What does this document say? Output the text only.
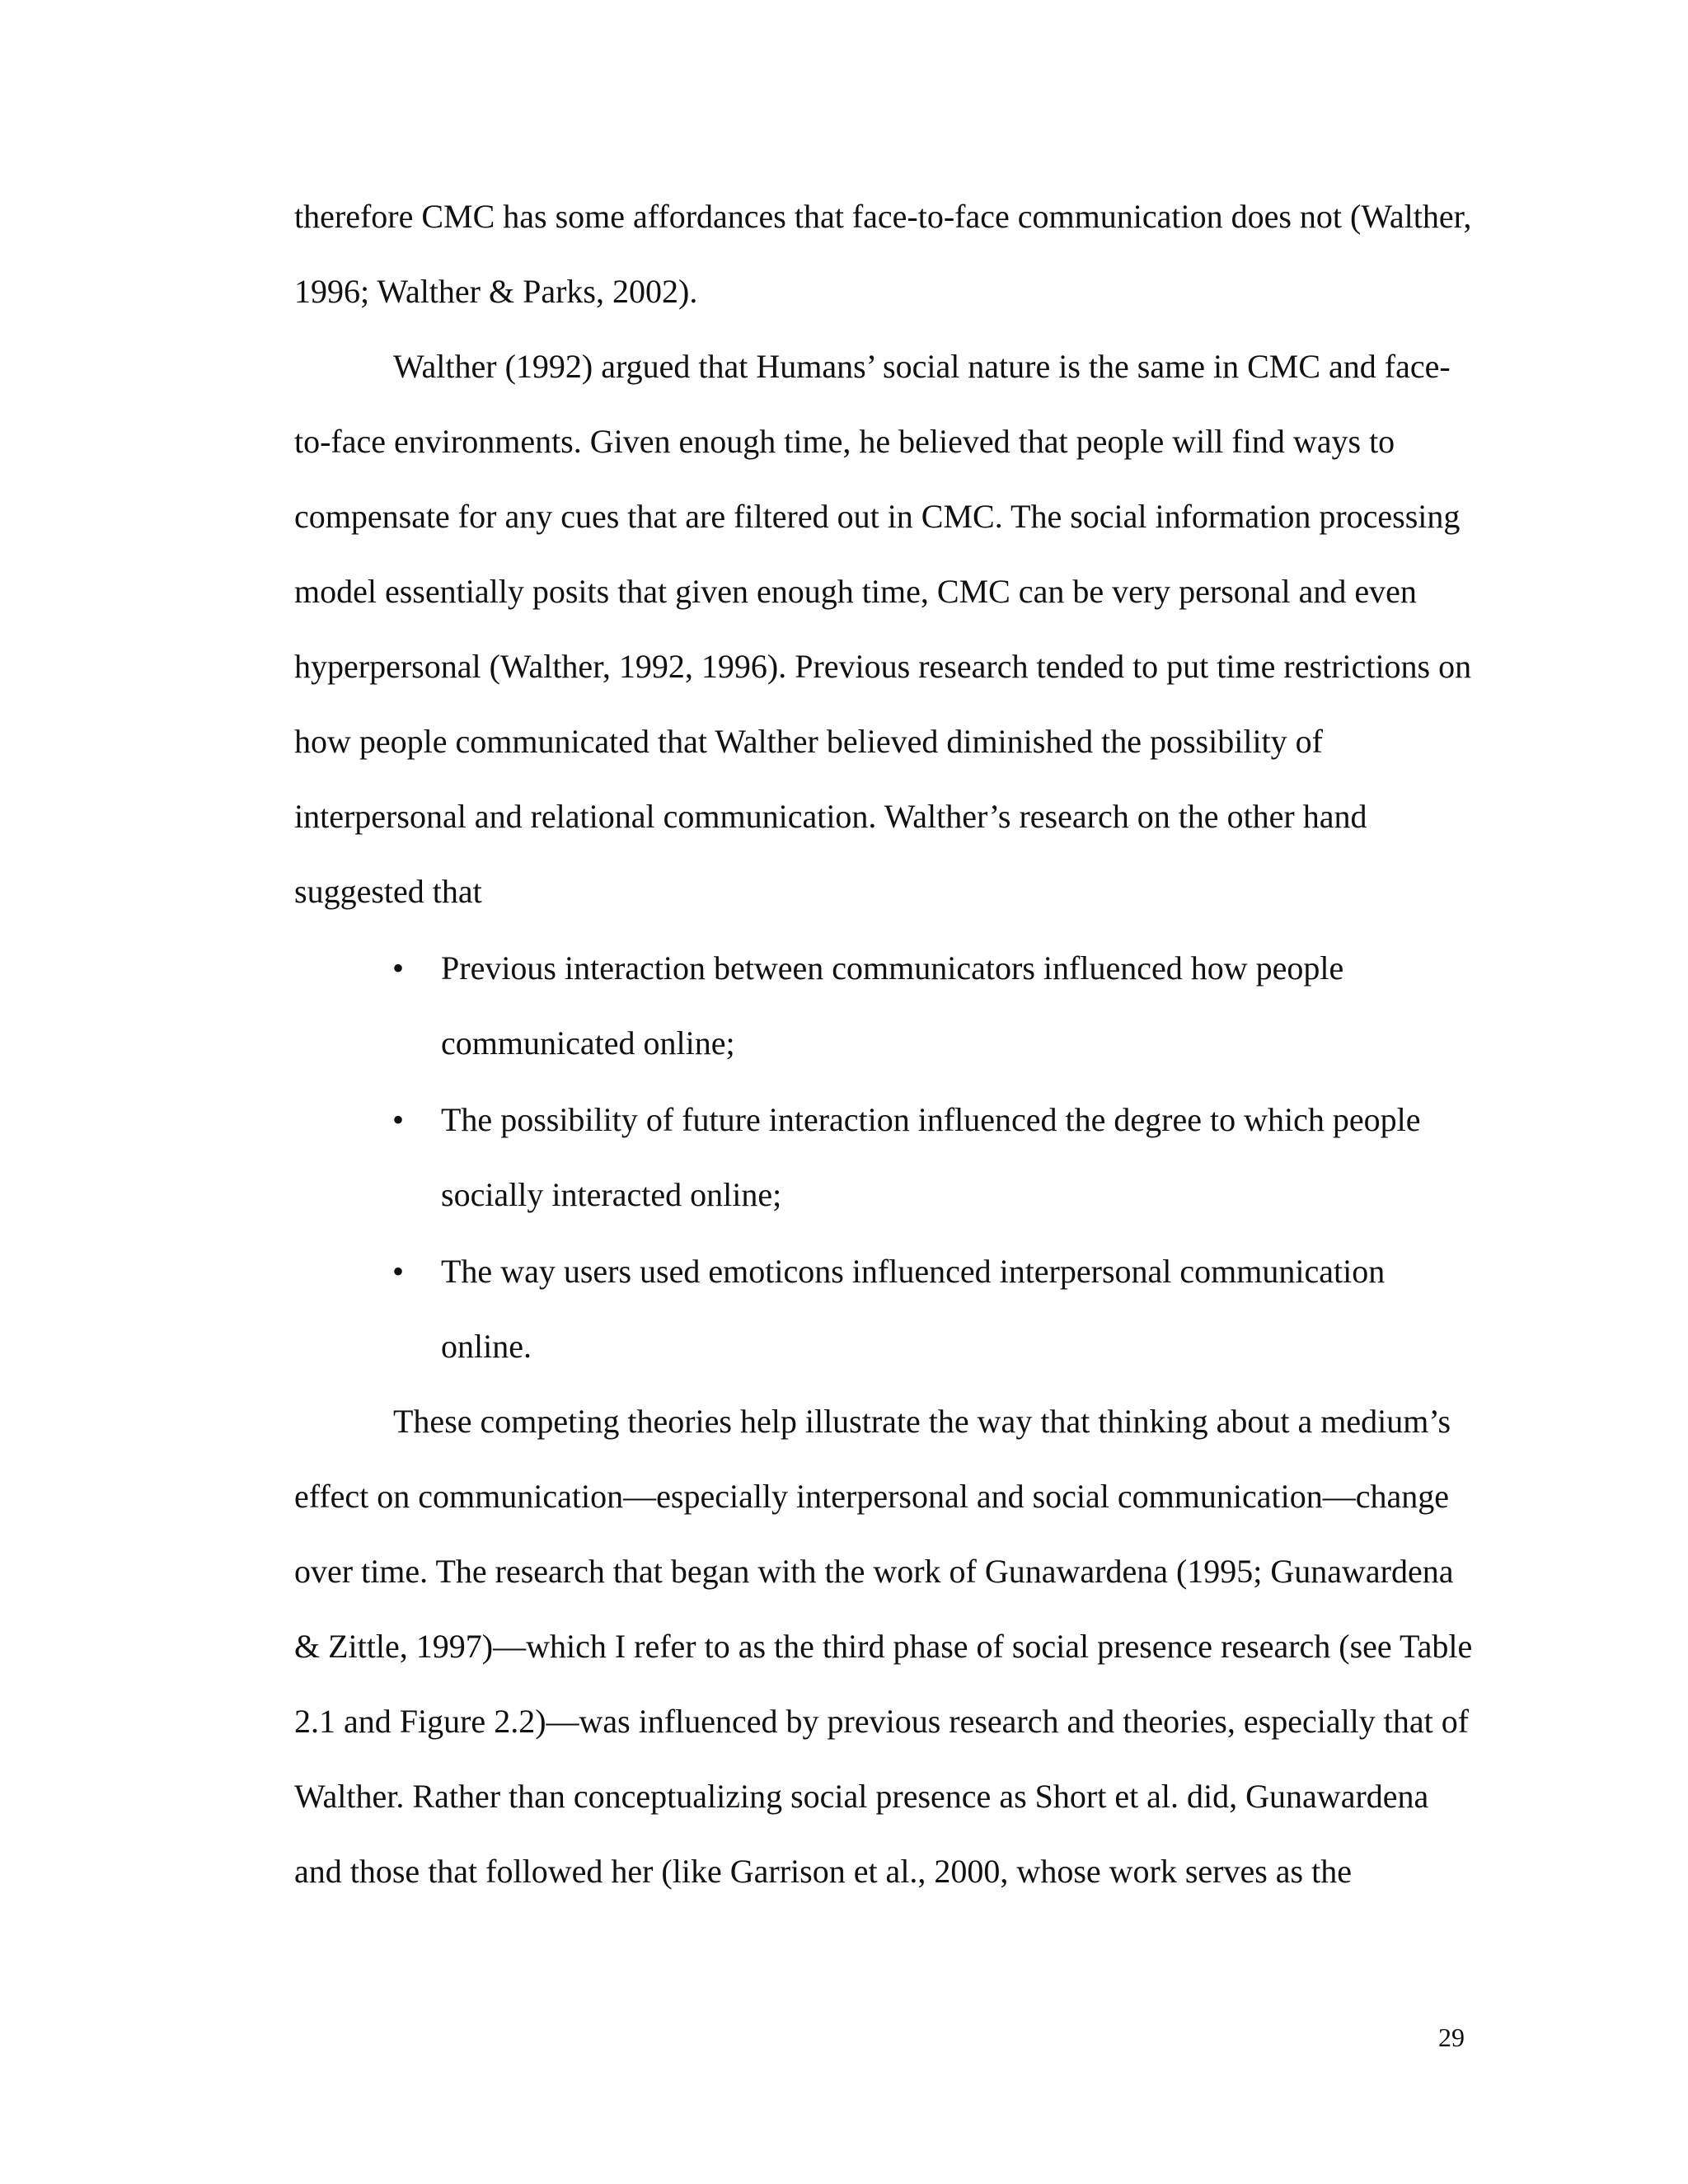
therefore CMC has some affordances that face-to-face communication does not (Walther,

1996; Walther & Parks, 2002).

Walther (1992) argued that Humans’ social nature is the same in CMC and face-

to-face environments. Given enough time, he believed that people will find ways to

compensate for any cues that are filtered out in CMC. The social information processing

model essentially posits that given enough time, CMC can be very personal and even

hyperpersonal (Walther, 1992, 1996). Previous research tended to put time restrictions on

how people communicated that Walther believed diminished the possibility of

interpersonal and relational communication. Walther’s research on the other hand

suggested that

• Previous interaction between communicators influenced how people

communicated online;

• The possibility of future interaction influenced the degree to which people

socially interacted online;

• The way users used emoticons influenced interpersonal communication

online.

These competing theories help illustrate the way that thinking about a medium’s

effect on communication—especially interpersonal and social communication—change

over time. The research that began with the work of Gunawardena (1995; Gunawardena

& Zittle, 1997)—which I refer to as the third phase of social presence research (see Table

2.1 and Figure 2.2)—was influenced by previous research and theories, especially that of

Walther. Rather than conceptualizing social presence as Short et al. did, Gunawardena

and those that followed her (like Garrison et al., 2000, whose work serves as the

29
